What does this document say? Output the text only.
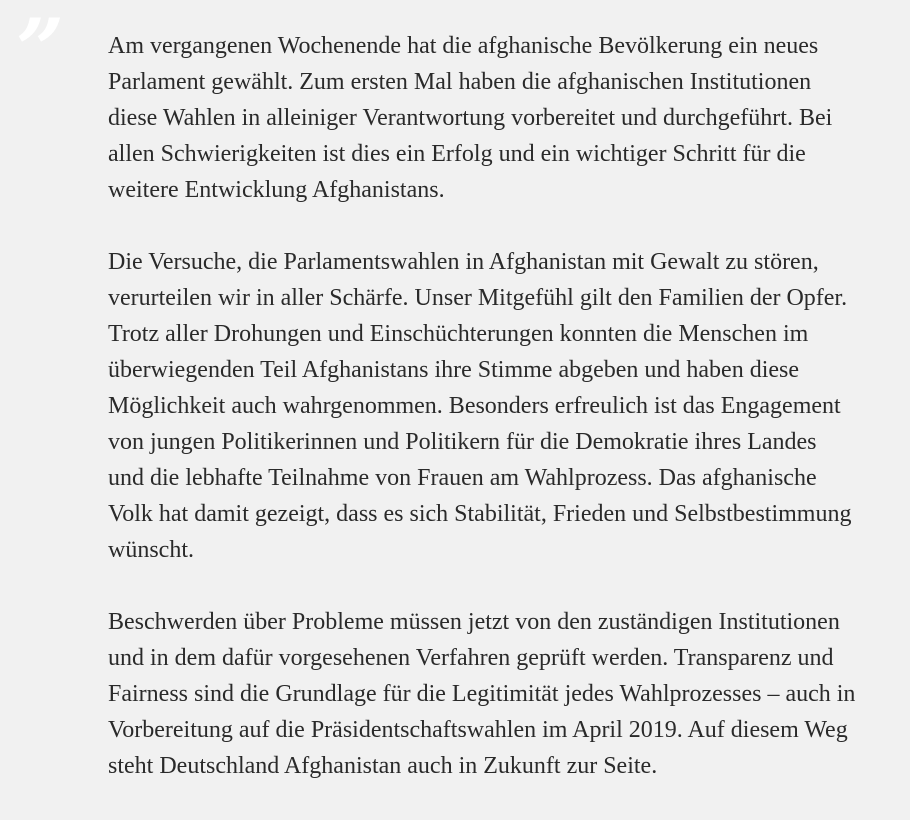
” Am vergangenen Wochenende hat die afghanische Bevölkerung ein neues
Parlament gewählt. Zum ersten Mal haben die afghanischen Institutionen
diese Wahlen in alleiniger Verantwortung vorbereitet und durchgeführt. Bei
allen Schwierigkeiten ist dies ein Erfolg und ein wichtiger Schritt für die
weitere Entwicklung Afghanistans.

Die Versuche, die Parlamentswahlen in Afghanistan mit Gewalt zu stören,
verurteilen wir in aller Schärfe. Unser Mitgefühl gilt den Familien der Opfer.
Trotz aller Drohungen und Einschüchterungen konnten die Menschen im
überwiegenden Teil Afghanistans ihre Stimme abgeben und haben diese
Möglichkeit auch wahrgenommen. Besonders erfreulich ist das Engagement
von jungen Politikerinnen und Politikern für die Demokratie ihres Landes
und die lebhafte Teilnahme von Frauen am Wahlprozess. Das afghanische
Volk hat damit gezeigt, dass es sich Stabilität, Frieden und Selbstbestimmung
wünscht.

Beschwerden über Probleme müssen jetzt von den zuständigen Institutionen
und in dem dafür vorgesehenen Verfahren geprüft werden. Transparenz und
Fairness sind die Grundlage für die Legitimität jedes Wahlprozesses – auch in
Vorbereitung auf die Präsidentschaftswahlen im April 2019. Auf diesem Weg
steht Deutschland Afghanistan auch in Zukunft zur Seite.
